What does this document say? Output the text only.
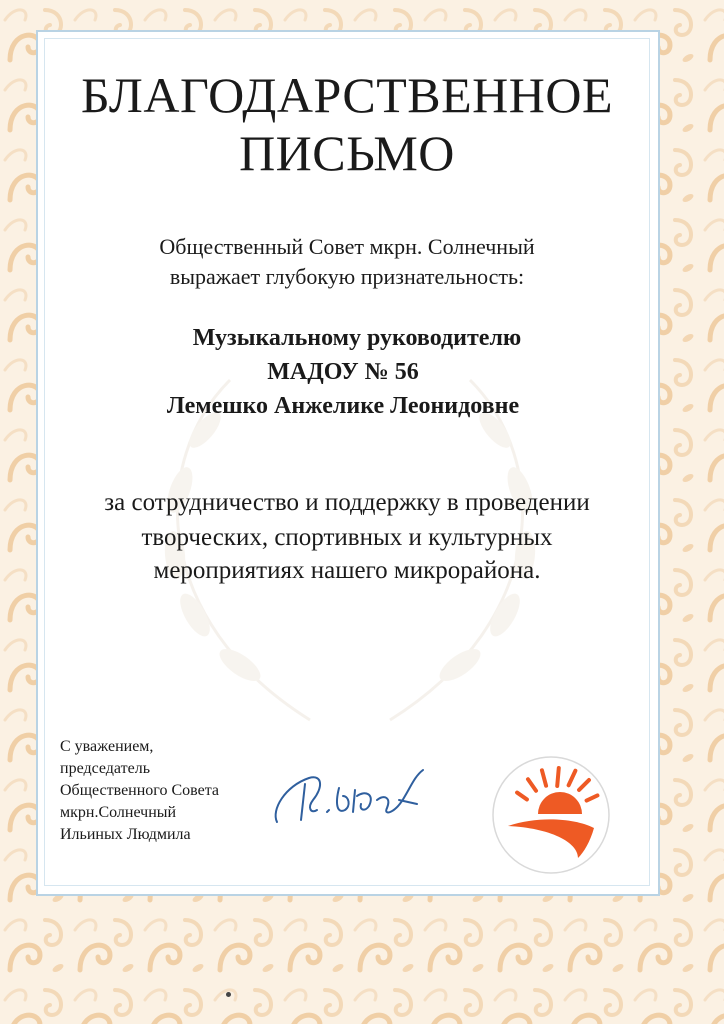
БЛАГОДАРСТВЕННОЕ
ПИСЬМО

Общественный Совет мкрн. Солнечный

выражает глубокую признательность:

Музыкальному руководителю

МАДОУ № 56

Лемешко Анжелике Леонидовне

за сотрудничество и поддержку в проведении

творческих, спортивных и культурных

мероприятиях нашего микрорайона.

С уважением,
председатель
Общественного Совета
мкрн.Солнечный
Ильиных Людмила
